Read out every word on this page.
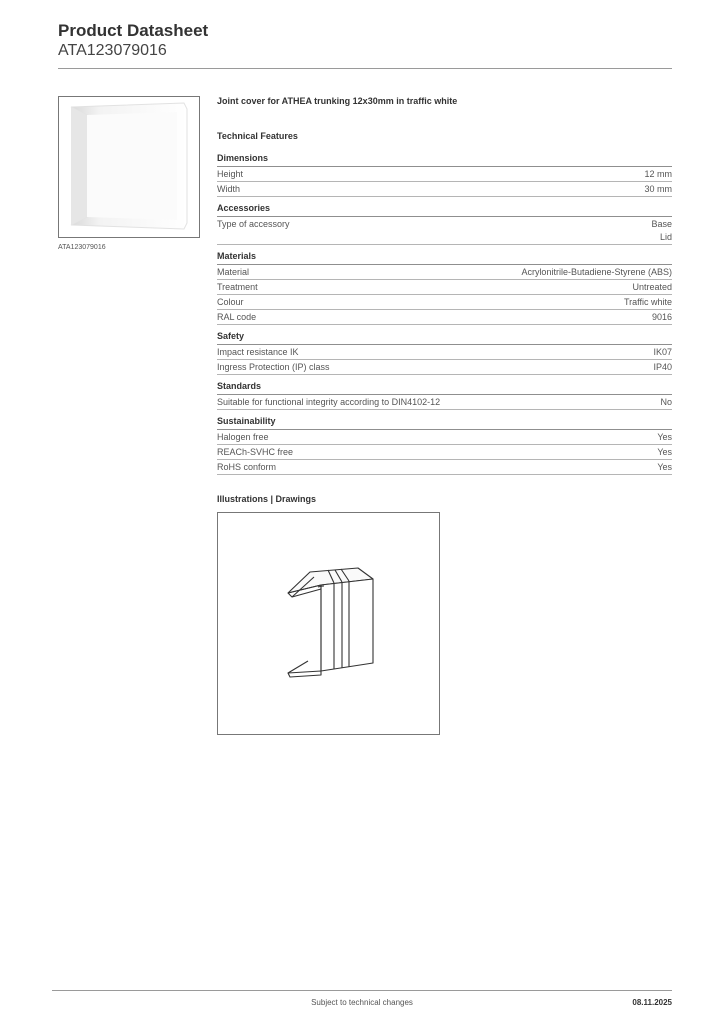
Product Datasheet
ATA123079016
ATA123079016
Joint cover for ATHEA trunking 12x30mm in traffic white
Technical Features
Dimensions
Height	12 mm
Width	30 mm
Accessories
Type of accessory	Base
Lid
Materials
Material	Acrylonitrile-Butadiene-Styrene (ABS)
Treatment	Untreated
Colour	Traffic white
RAL code	9016
Safety
Impact resistance IK	IK07
Ingress Protection (IP) class	IP40
Standards
Suitable for functional integrity according to DIN4102-12	No
Sustainability
Halogen free	Yes
REACh-SVHC free	Yes
RoHS conform	Yes
Illustrations | Drawings
Subject to technical changes	08.11.2025
